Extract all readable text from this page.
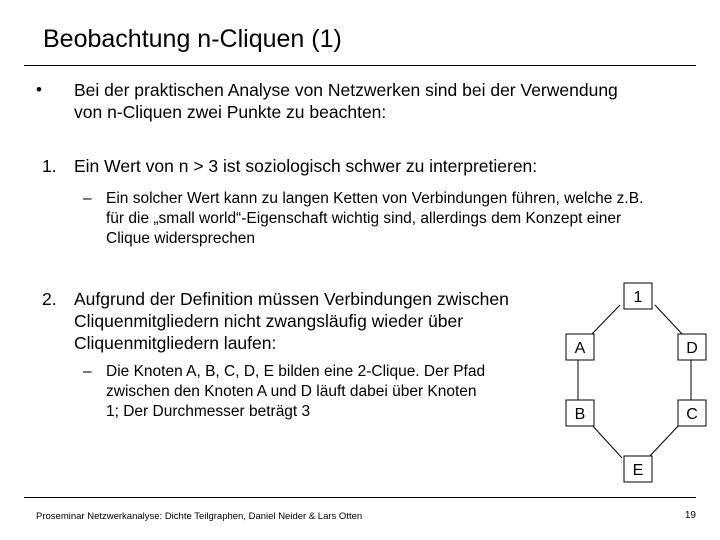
Beobachtung n-Cliquen (1)
• Bei der praktischen Analyse von Netzwerken sind bei der Verwendung von n-Cliquen zwei Punkte zu beachten:
1. Ein Wert von n > 3 ist soziologisch schwer zu interpretieren:
– Ein solcher Wert kann zu langen Ketten von Verbindungen führen, welche z.B. für die „small world“-Eigenschaft wichtig sind, allerdings dem Konzept einer Clique widersprechen
2. Aufgrund der Definition müssen Verbindungen zwischen Cliquenmitgliedern nicht zwangsläufig wieder über Cliquenmitgliedern laufen:
– Die Knoten A, B, C, D, E bilden eine 2-Clique. Der Pfad zwischen den Knoten A und D läuft dabei über Knoten 1; Der Durchmesser beträgt 3
1
A	D
B	C
E
Proseminar Netzwerkanalyse: Dichte Teilgraphen, Daniel Neider & Lars Otten	19
